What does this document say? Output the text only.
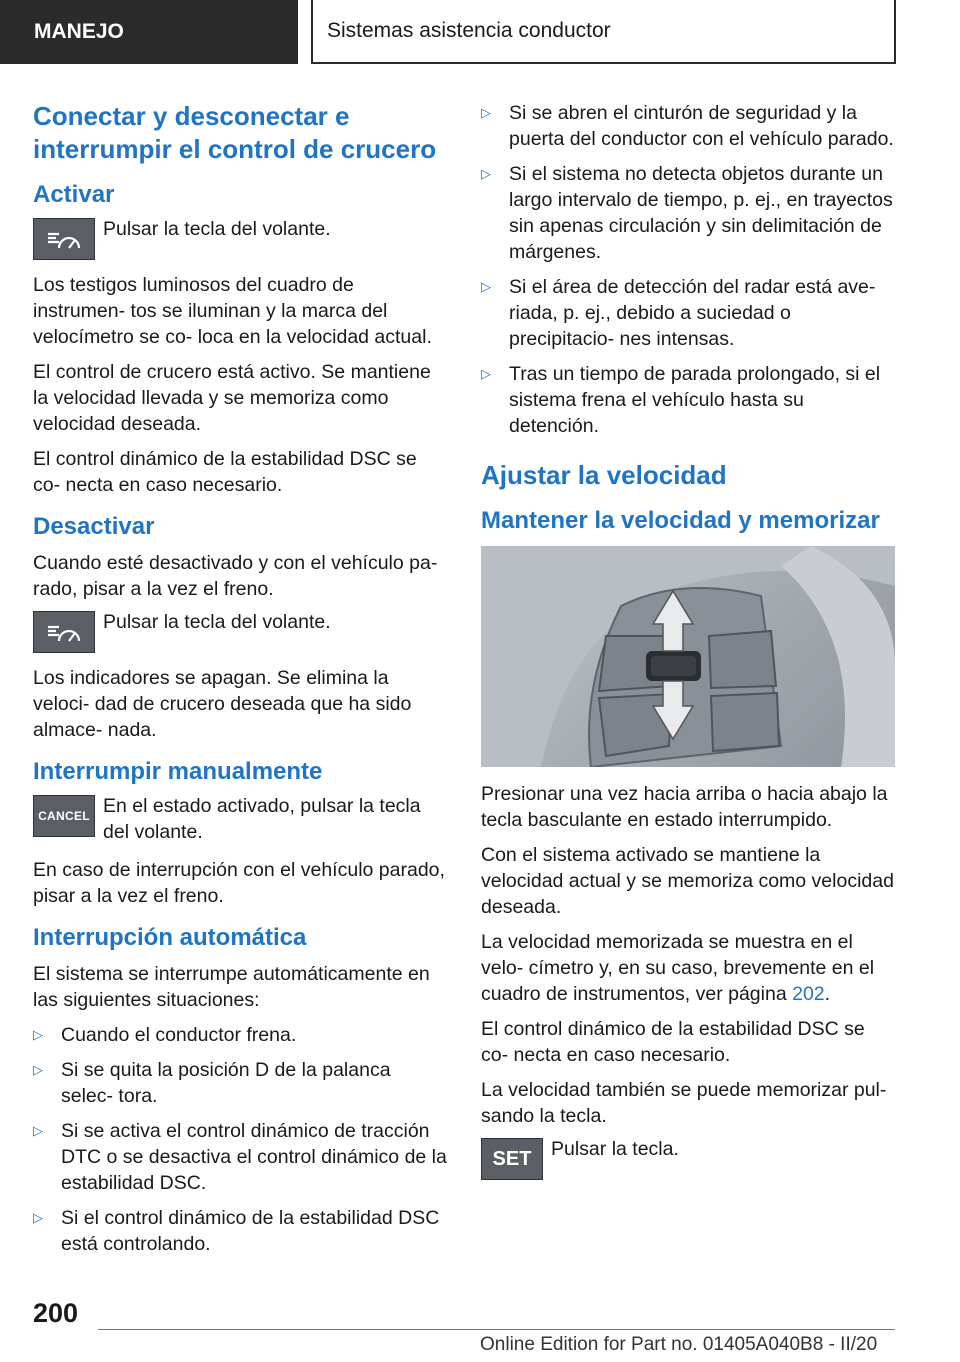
MANEJO	Sistemas asistencia conductor
Conectar y desconectar e interrumpir el control de crucero
Activar
Pulsar la tecla del volante.

Los testigos luminosos del cuadro de instrumen‐ tos se iluminan y la marca del velocímetro se co‐ loca en la velocidad actual.

El control de crucero está activo. Se mantiene la velocidad llevada y se memoriza como velocidad deseada.

El control dinámico de la estabilidad DSC se co‐ necta en caso necesario.

Desactivar

Cuando esté desactivado y con el vehículo pa‐ rado, pisar a la vez el freno.

Pulsar la tecla del volante.

Los indicadores se apagan. Se elimina la veloci‐ dad de crucero deseada que ha sido almace‐ nada.

Interrumpir manualmente
CANCEL En el estado activado, pulsar la tecla del volante.

En caso de interrupción con el vehículo parado, pisar a la vez el freno.

Interrupción automática

El sistema se interrumpe automáticamente en las siguientes situaciones:

▷ Cuando el conductor frena.
▷ Si se quita la posición D de la palanca selec‐ tora.
▷ Si se activa el control dinámico de tracción DTC o se desactiva el control dinámico de la estabilidad DSC.
▷ Si el control dinámico de la estabilidad DSC está controlando.
▷ Si se abren el cinturón de seguridad y la puerta del conductor con el vehículo parado.
▷ Si el sistema no detecta objetos durante un largo intervalo de tiempo, p. ej., en trayectos sin apenas circulación y sin delimitación de márgenes.
▷ Si el área de detección del radar está ave‐ riada, p. ej., debido a suciedad o precipitacio‐ nes intensas.
▷ Tras un tiempo de parada prolongado, si el sistema frena el vehículo hasta su detención.
Ajustar la velocidad
Mantener la velocidad y memorizar

Presionar una vez hacia arriba o hacia abajo la tecla basculante en estado interrumpido.

Con el sistema activado se mantiene la velocidad actual y se memoriza como velocidad deseada.

La velocidad memorizada se muestra en el velo‐ címetro y, en su caso, brevemente en el cuadro de instrumentos, ver página 202.

El control dinámico de la estabilidad DSC se co‐ necta en caso necesario.

La velocidad también se puede memorizar pul‐ sando la tecla.

SET Pulsar la tecla.
200
Online Edition for Part no. 01405A040B8 - II/20
